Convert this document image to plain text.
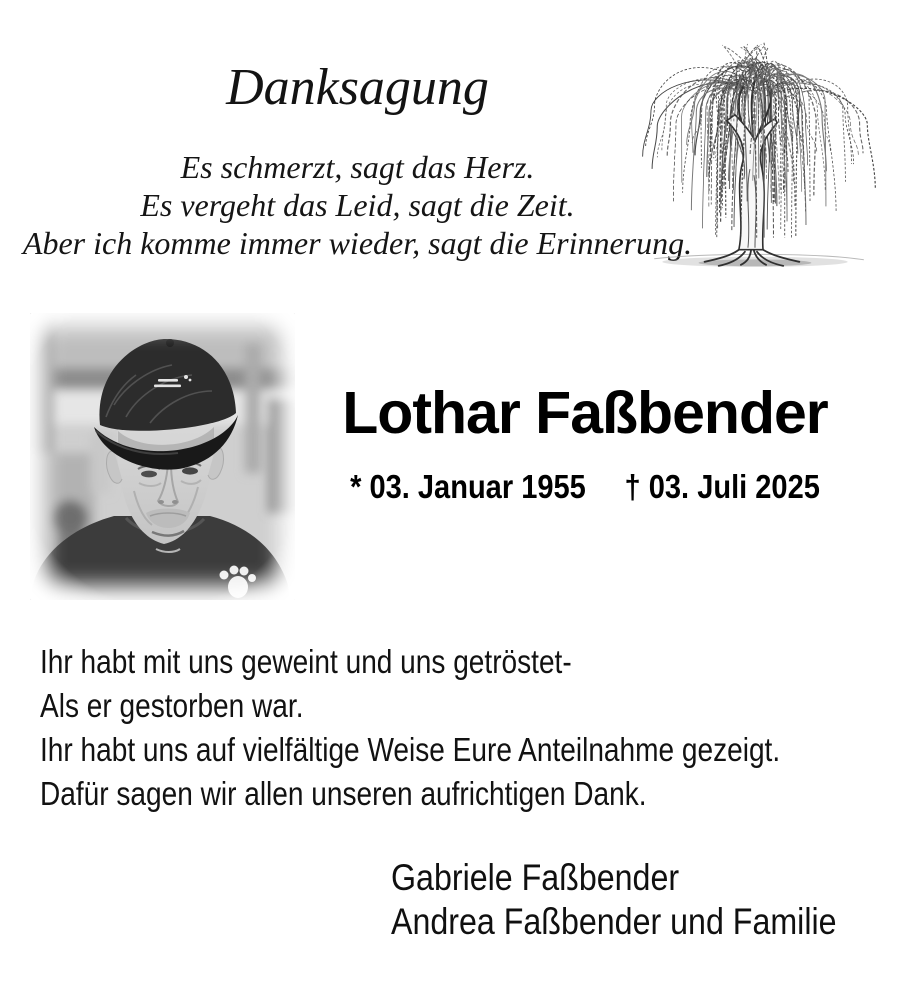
Danksagung
Es schmerzt, sagt das Herz.
Es vergeht das Leid, sagt die Zeit.
Aber ich komme immer wieder, sagt die Erinnerung.
Lothar Faßbender
* 03. Januar 1955 † 03. Juli 2025
Ihr habt mit uns geweint und uns getröstet-
Als er gestorben war.
Ihr habt uns auf vielfältige Weise Eure Anteilnahme gezeigt.
Dafür sagen wir allen unseren aufrichtigen Dank.
Gabriele Faßbender
Andrea Faßbender und Familie
